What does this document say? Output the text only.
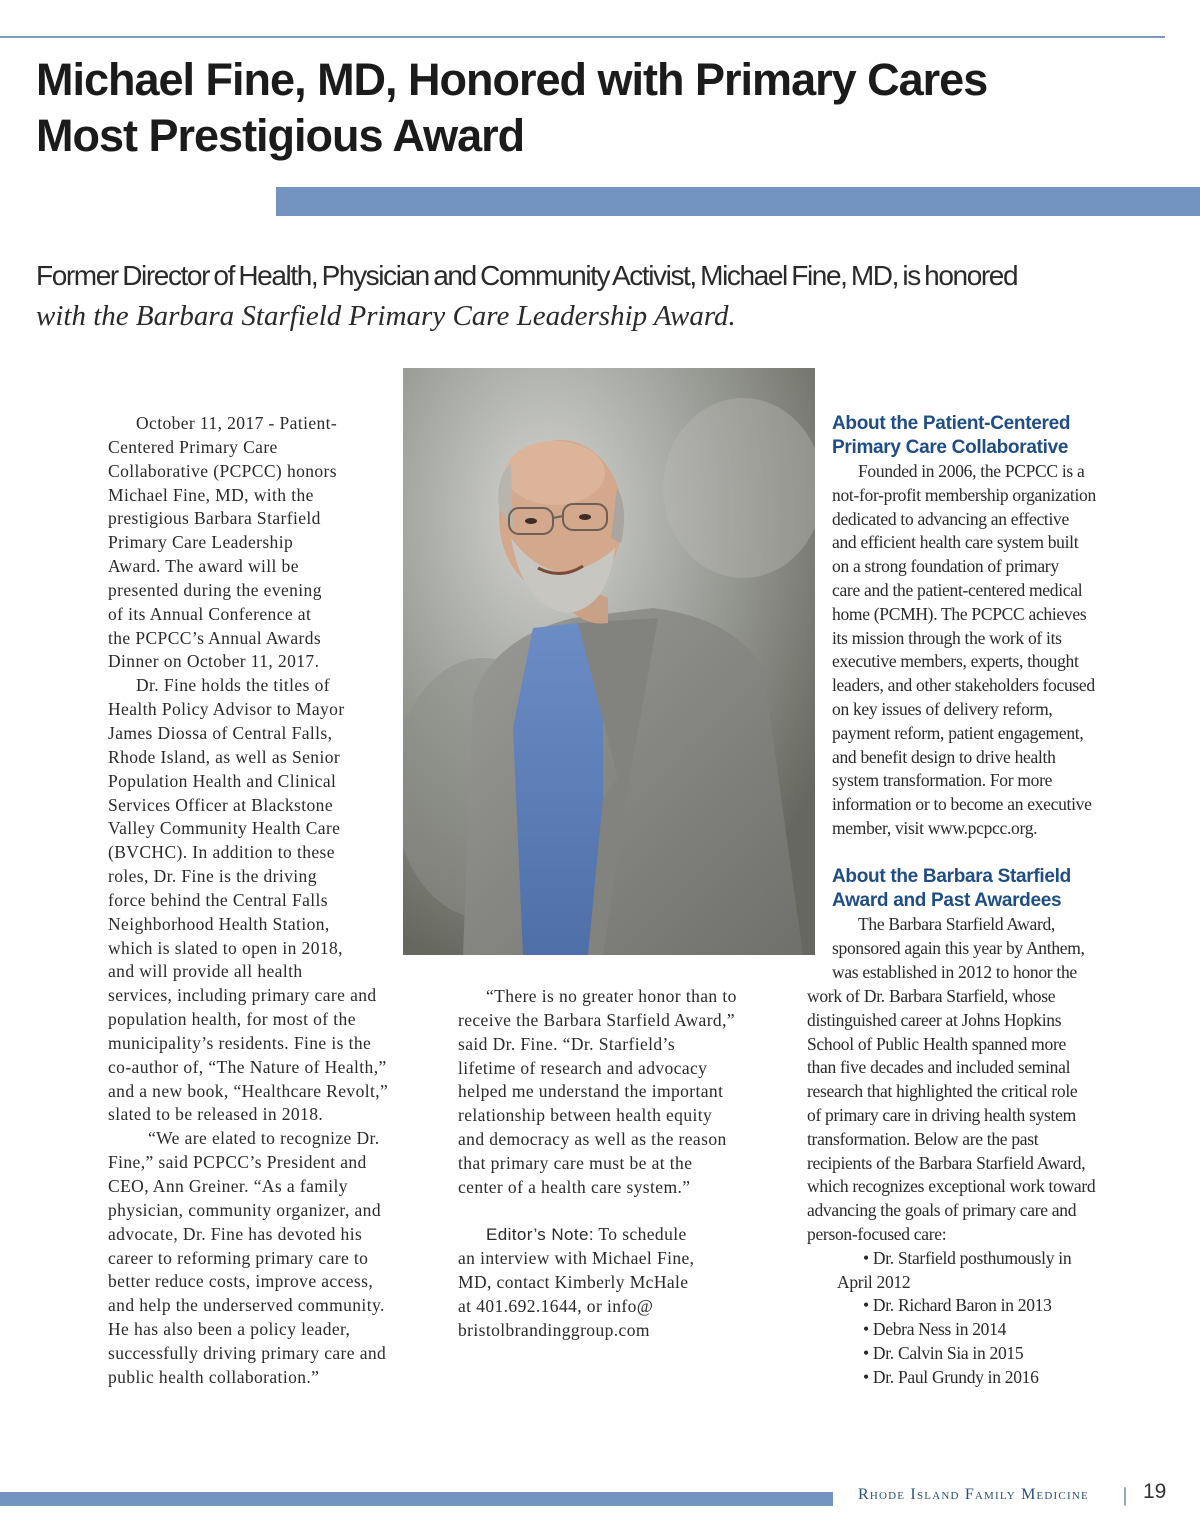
Michael Fine, MD, Honored with Primary Cares
Most Prestigious Award
Former Director of Health, Physician and Community Activist, Michael Fine, MD, is honored
with the Barbara Starfield Primary Care Leadership Award.

October 11, 2017 - Patient-

Centered Primary Care

Collaborative (PCPCC) honors

Michael Fine, MD, with the

prestigious Barbara Starfield

Primary Care Leadership

Award. The award will be

presented during the evening

of its Annual Conference at

the PCPCC’s Annual Awards

Dinner on October 11, 2017.

Dr. Fine holds the titles of

Health Policy Advisor to Mayor

James Diossa of Central Falls,

Rhode Island, as well as Senior

Population Health and Clinical

Services Officer at Blackstone

Valley Community Health Care

(BVCHC). In addition to these

roles, Dr. Fine is the driving

force behind the Central Falls

Neighborhood Health Station,

which is slated to open in 2018,

and will provide all health

services, including primary care and

population health, for most of the

municipality’s residents. Fine is the

co-author of, “The Nature of Health,”

and a new book, “Healthcare Revolt,”

slated to be released in 2018.

“We are elated to recognize Dr.

Fine,” said PCPCC’s President and

CEO, Ann Greiner. “As a family

physician, community organizer, and

advocate, Dr. Fine has devoted his

career to reforming primary care to

better reduce costs, improve access,

and help the underserved community.

He has also been a policy leader,

successfully driving primary care and

public health collaboration.”

“There is no greater honor than to

receive the Barbara Starfield Award,”

said Dr. Fine. “Dr. Starfield’s

lifetime of research and advocacy

helped me understand the important

relationship between health equity

and democracy as well as the reason

that primary care must be at the

center of a health care system.”

Editor’s Note: To schedule

an interview with Michael Fine,

MD, contact Kimberly McHale

at 401.692.1644, or info@

bristolbrandinggroup.com

About the Patient-Centered
Primary Care Collaborative

Founded in 2006, the PCPCC is a

not-for-profit membership organization

dedicated to advancing an effective

and efficient health care system built

on a strong foundation of primary

care and the patient-centered medical

home (PCMH). The PCPCC achieves

its mission through the work of its

executive members, experts, thought

leaders, and other stakeholders focused

on key issues of delivery reform,

payment reform, patient engagement,

and benefit design to drive health

system transformation. For more

information or to become an executive

member, visit www.pcpcc.org.

About the Barbara Starfield
Award and Past Awardees

The Barbara Starfield Award,

sponsored again this year by Anthem,

was established in 2012 to honor the

work of Dr. Barbara Starfield, whose

distinguished career at Johns Hopkins

School of Public Health spanned more

than five decades and included seminal

research that highlighted the critical role

of primary care in driving health system

transformation. Below are the past

recipients of the Barbara Starfield Award,

which recognizes exceptional work toward

advancing the goals of primary care and

person-focused care:

• Dr. Starfield posthumously in

April 2012

• Dr. Richard Baron in 2013

• Debra Ness in 2014

• Dr. Calvin Sia in 2015

• Dr. Paul Grundy in 2016

Rhode Island Family Medicine | 19
